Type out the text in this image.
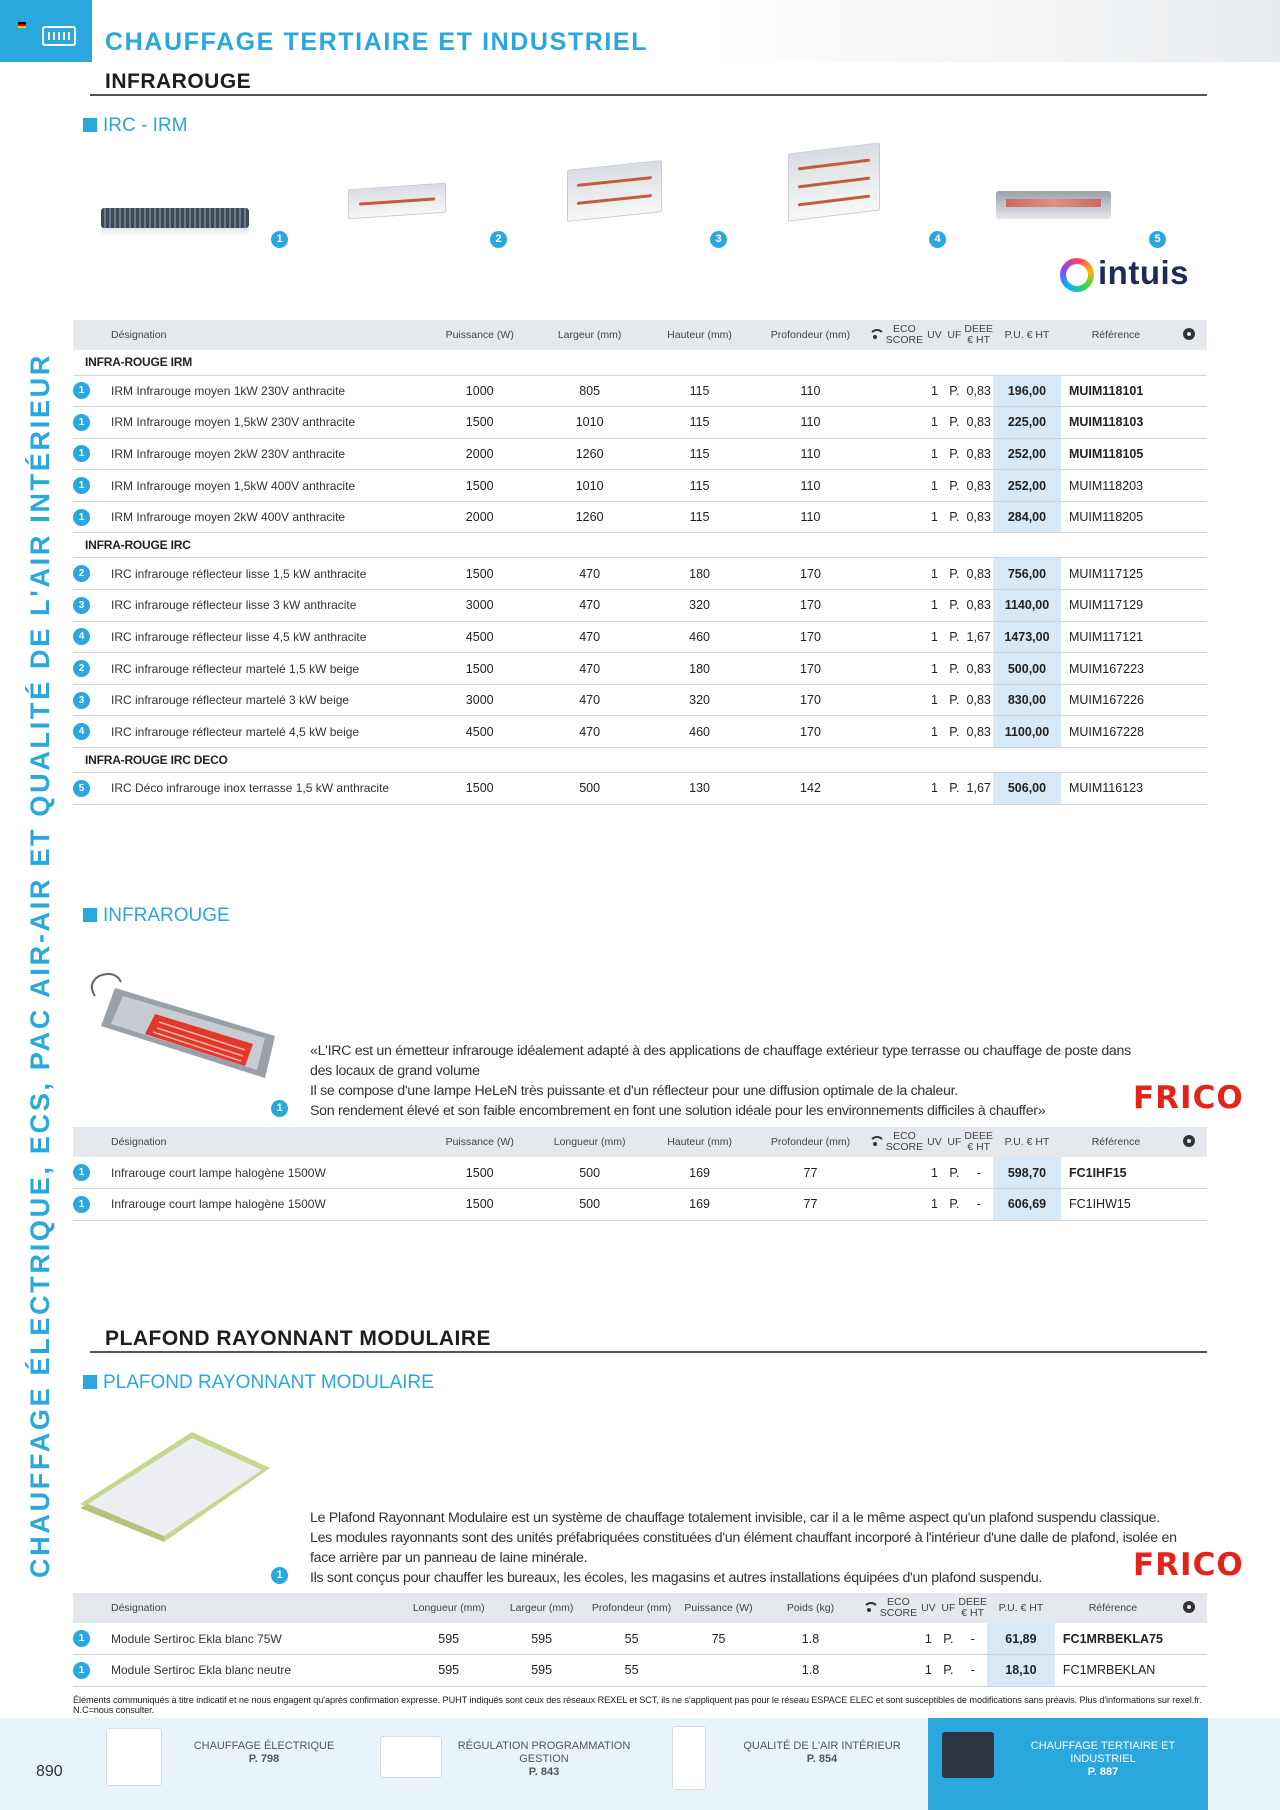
CHAUFFAGE TERTIAIRE ET INDUSTRIEL
CHAUFFAGE ÉLECTRIQUE, ECS, PAC AIR-AIR ET QUALITÉ DE L'AIR INTÉRIEUR
INFRAROUGE
IRC - IRM
1	2	3	4	5
intuis
	Désignation	Puissance (W)	Largeur (mm)	Hauteur (mm)	Profondeur (mm)		ECO SCORE	UV	UF	DEEE € HT	P.U. € HT	Référence	
INFRA-ROUGE IRM													
1	IRM Infrarouge moyen 1kW 230V anthracite	1000	805	115	110			1	P.	0,83	196,00	MUIM118101	
1	IRM Infrarouge moyen 1,5kW 230V anthracite	1500	1010	115	110			1	P.	0,83	225,00	MUIM118103	
1	IRM Infrarouge moyen 2kW 230V anthracite	2000	1260	115	110			1	P.	0,83	252,00	MUIM118105	
1	IRM Infrarouge moyen 1,5kW 400V anthracite	1500	1010	115	110			1	P.	0,83	252,00	MUIM118203	
1	IRM Infrarouge moyen 2kW 400V anthracite	2000	1260	115	110			1	P.	0,83	284,00	MUIM118205	
INFRA-ROUGE IRC													
2	IRC infrarouge réflecteur lisse 1,5 kW anthracite	1500	470	180	170			1	P.	0,83	756,00	MUIM117125	
3	IRC infrarouge réflecteur lisse 3 kW anthracite	3000	470	320	170			1	P.	0,83	1140,00	MUIM117129	
4	IRC infrarouge réflecteur lisse 4,5 kW anthracite	4500	470	460	170			1	P.	1,67	1473,00	MUIM117121	
2	IRC infrarouge réflecteur martelé 1,5 kW beige	1500	470	180	170			1	P.	0,83	500,00	MUIM167223	
3	IRC infrarouge réflecteur martelé 3 kW beige	3000	470	320	170			1	P.	0,83	830,00	MUIM167226	
4	IRC infrarouge réflecteur martelé 4,5 kW beige	4500	470	460	170			1	P.	0,83	1100,00	MUIM167228	
INFRA-ROUGE IRC DECO													
5	IRC Déco infrarouge inox terrasse 1,5 kW anthracite	1500	500	130	142			1	P.	1,67	506,00	MUIM116123	
INFRAROUGE
1
«L'IRC est un émetteur infrarouge idéalement adapté à des applications de chauffage extérieur type terrasse ou chauffage de poste dans
des locaux de grand volume
Il se compose d'une lampe HeLeN très puissante et d'un réflecteur pour une diffusion optimale de la chaleur.
Son rendement élevé et son faible encombrement en font une solution idéale pour les environnements difficiles à chauffer»	FRICO
	Désignation	Puissance (W)	Longueur (mm)	Hauteur (mm)	Profondeur (mm)		ECO SCORE	UV	UF	DEEE € HT	P.U. € HT	Référence	
1	Infrarouge court lampe halogène 1500W	1500	500	169	77			1	P.	-	598,70	FC1IHF15	
1	Infrarouge court lampe halogène 1500W	1500	500	169	77			1	P.	-	606,69	FC1IHW15	
PLAFOND RAYONNANT MODULAIRE
PLAFOND RAYONNANT MODULAIRE
1
Le Plafond Rayonnant Modulaire est un système de chauffage totalement invisible, car il a le même aspect qu'un plafond suspendu classique.
Les modules rayonnants sont des unités préfabriquées constituées d'un élément chauffant incorporé à l'intérieur d'une dalle de plafond, isolée en
face arrière par un panneau de laine minérale.
Ils sont conçus pour chauffer les bureaux, les écoles, les magasins et autres installations équipées d'un plafond suspendu.	FRICO
	Désignation	Longueur (mm)	Largeur (mm)	Profondeur (mm)	Puissance (W)	Poids (kg)		ECO SCORE	UV	UF	DEEE € HT	P.U. € HT	Référence	
1	Module Sertiroc Ekla blanc 75W	595	595	55	75	1.8			1	P.	-	61,89	FC1MRBEKLA75	
1	Module Sertiroc Ekla blanc neutre	595	595	55		1.8			1	P.	-	18,10	FC1MRBEKLAN	
Éléments communiqués à titre indicatif et ne nous engagent qu'après confirmation expresse. PUHT indiqués sont ceux des réseaux REXEL et SCT, ils ne s'appliquent pas pour le réseau ESPACE ELEC et sont susceptibles de modifications sans préavis. Plus d'informations sur rexel.fr. N.C=nous consulter.
CHAUFFAGE ÉLECTRIQUE
P. 798
RÉGULATION PROGRAMMATION GESTION
P. 843
QUALITÉ DE L'AIR INTÉRIEUR
P. 854
CHAUFFAGE TERTIAIRE ET INDUSTRIEL
P. 887
890
